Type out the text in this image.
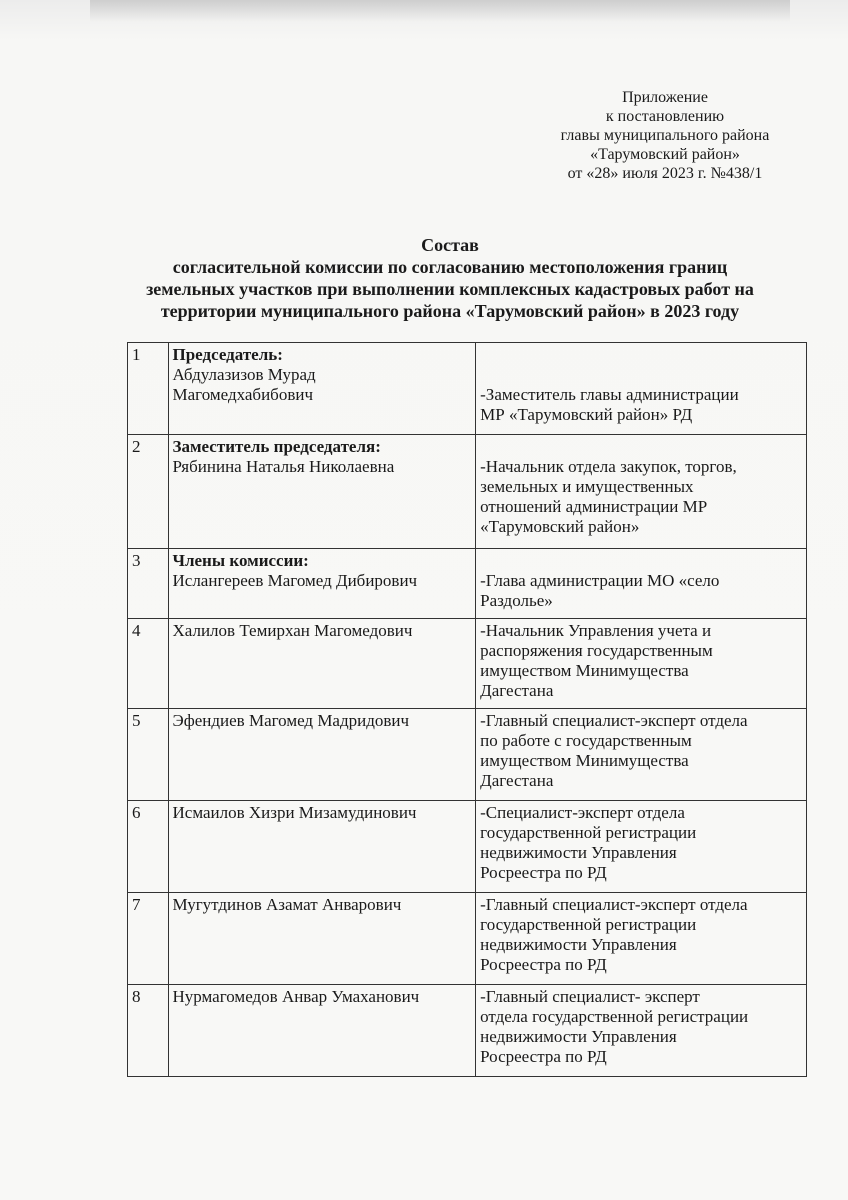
Приложение
к постановлению
главы муниципального района
«Тарумовский район»
от «28» июля 2023 г. №438/1
Состав
согласительной комиссии по согласованию местоположения границ
земельных участков при выполнении комплексных кадастровых работ на
территории муниципального района «Тарумовский район» в 2023 году
1	Председатель:
Абдулазизов Мурад
Магомедхабибович	-Заместитель главы администрации
МР «Тарумовский район» РД

2	Заместитель председателя:
Рябинина Наталья Николаевна	-Начальник отдела закупок, торгов,
земельных и имущественных
отношений администрации МР
«Тарумовский район»

3	Члены комиссии:
Ислангереев Магомед Дибирович	-Глава администрации МО «село
Раздолье»

4	Халилов Темирхан Магомедович	-Начальник Управления учета и
распоряжения государственным
имуществом Минимущества
Дагестана

5	Эфендиев Магомед Мадридович	-Главный специалист-эксперт отдела
по работе с государственным
имуществом Минимущества
Дагестана

6	Исмаилов Хизри Мизамудинович	-Специалист-эксперт отдела
государственной регистрации
недвижимости Управления
Росреестра по РД

7	Мугутдинов Азамат Анварович	-Главный специалист-эксперт отдела
государственной регистрации
недвижимости Управления
Росреестра по РД

8	Нурмагомедов Анвар Умаханович	-Главный специалист- эксперт
отдела государственной регистрации
недвижимости Управления
Росреестра по РД
